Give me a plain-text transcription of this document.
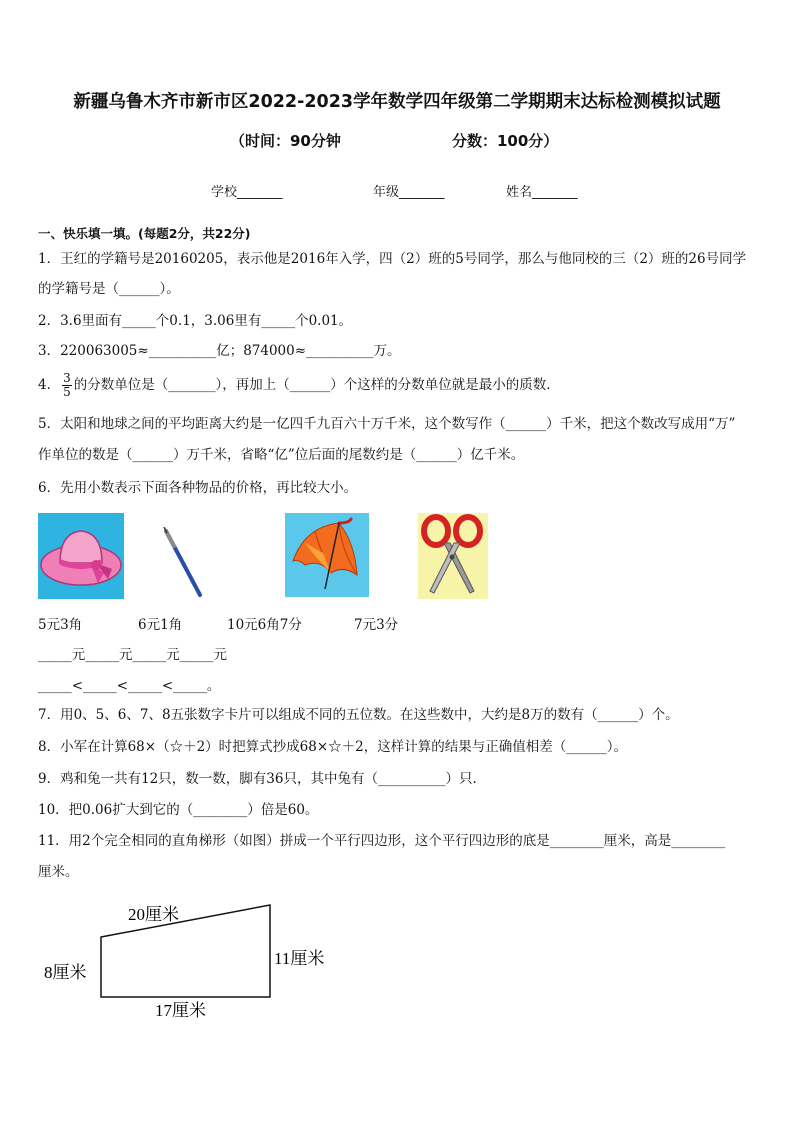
新疆乌鲁木齐市新市区2022-2023学年数学四年级第二学期期末达标检测模拟试题
（时间：90分钟	分数：100分）
学校_______	年级_______	姓名_______
一、快乐填一填。(每题2分，共22分)
1．王红的学籍号是20160205，表示他是2016年入学，四（2）班的5号同学，那么与他同校的三（2）班的26号同学
的学籍号是（______）。
2．3.6里面有_____个0.1，3.06里有_____个0.01。
3．220063005≈__________亿；874000≈__________万。
4． $\frac{3}{5}$ 的分数单位是（_______），再加上（______）个这样的分数单位就是最小的质数．
5．太阳和地球之间的平均距离大约是一亿四千九百六十万千米，这个数写作（______）千米，把这个数改写成用“万”
作单位的数是（______）万千米，省略“亿”位后面的尾数约是（______）亿千米。
6．先用小数表示下面各种物品的价格，再比较大小。
5元3角	6元1角	10元6角7分	7元3分
_____元_____元_____元_____元
_____<_____<_____<_____。
7．用0、5、6、7、8五张数字卡片可以组成不同的五位数。在这些数中，大约是8万的数有（______）个。
8．小军在计算68×（☆＋2）时把算式抄成68×☆＋2，这样计算的结果与正确值相差（______）。
9．鸡和兔一共有12只，数一数，脚有36只，其中兔有（__________）只.
10．把0.06扩大到它的（________）倍是60。
11．用2个完全相同的直角梯形（如图）拼成一个平行四边形，这个平行四边形的底是________厘米，高是________
厘米。
20厘米
8厘米
11厘米
17厘米
